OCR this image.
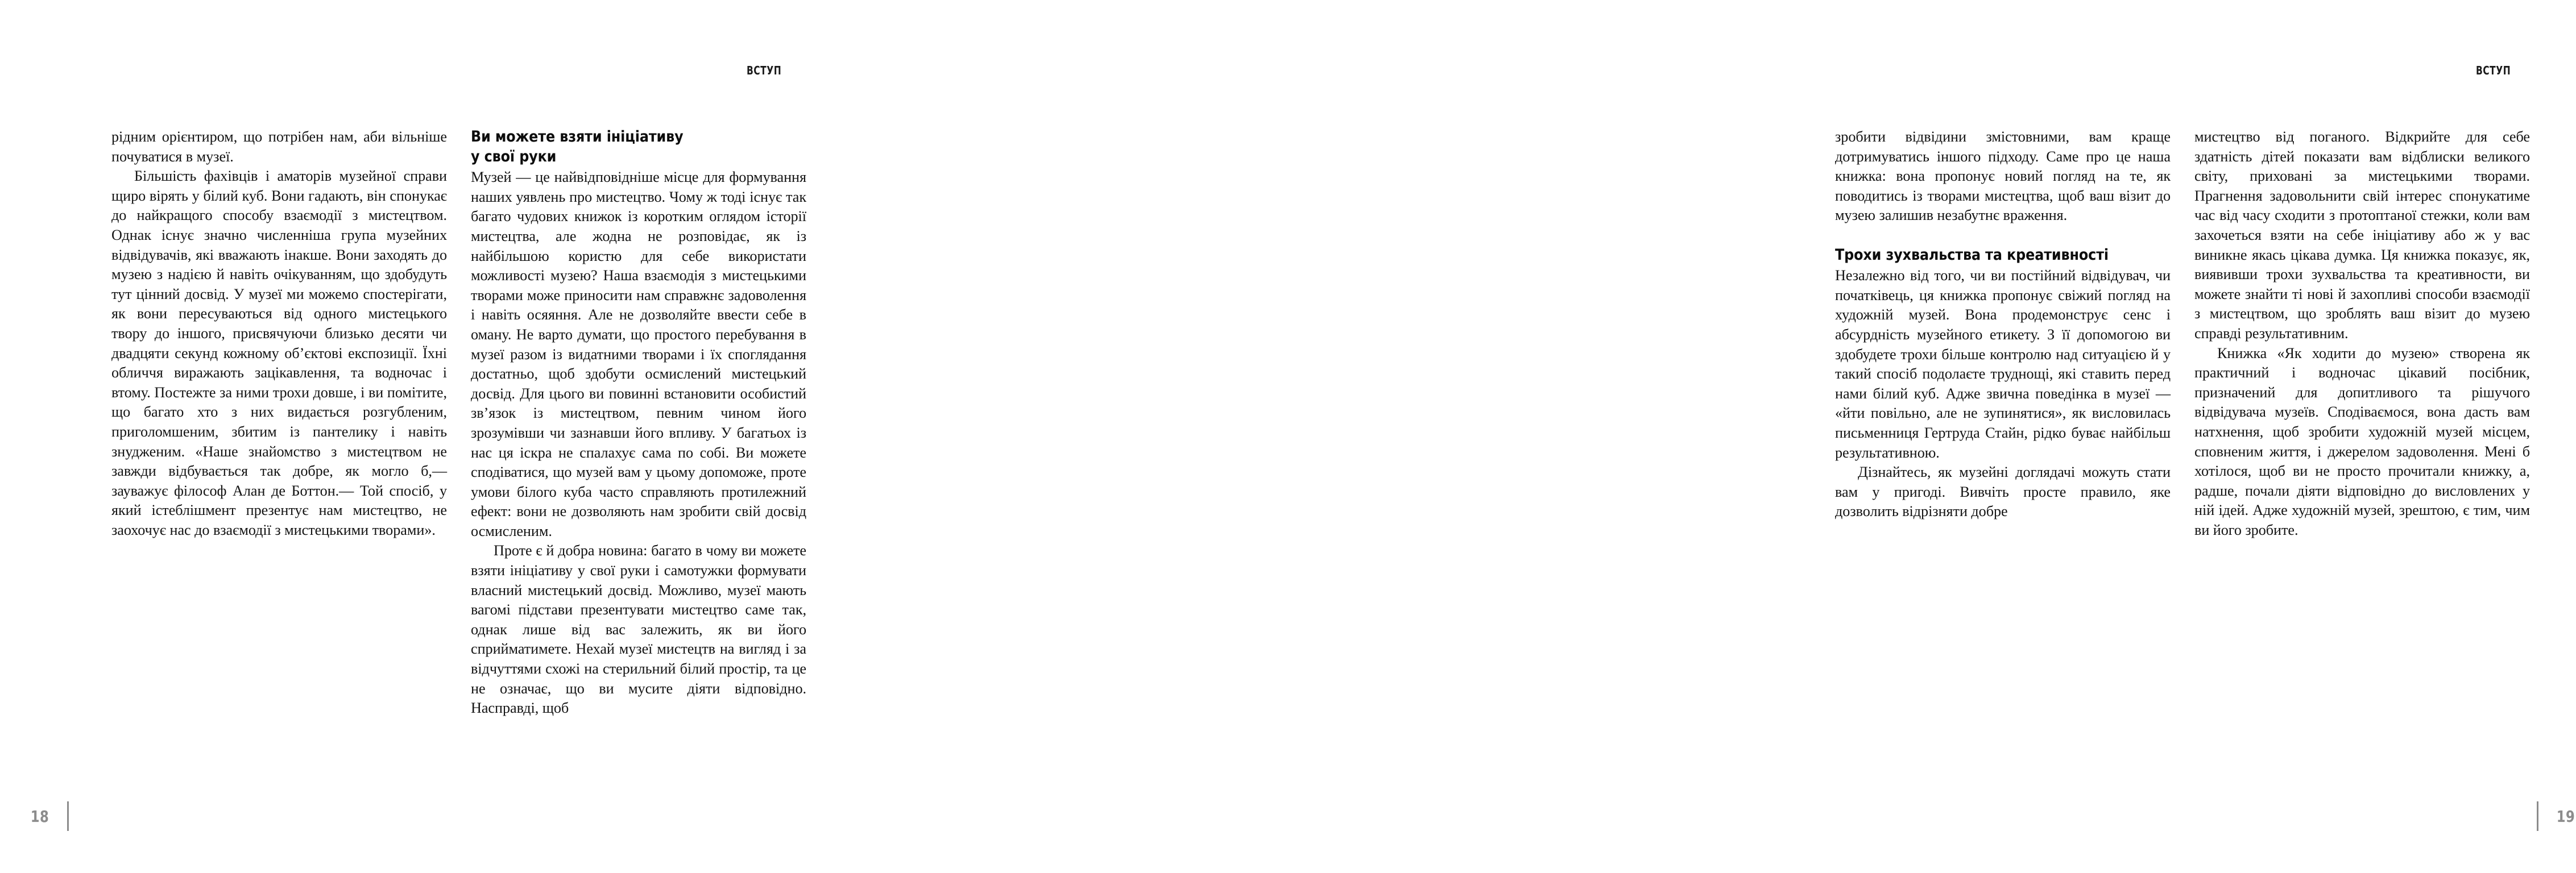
ВСТУП

рідним орієнтиром, що потрібен нам, аби вільніше почуватися в музеї.

Більшість фахівців і аматорів музейної справи щиро вірять у білий куб. Вони гадають, він спонукає до найкращого способу взаємодії з мистецтвом. Однак існує значно численніша група музейних відвідувачів, які вважають інакше. Вони заходять до музею з надією й навіть очікуванням, що здобудуть тут цінний досвід. У музеї ми можемо спостерігати, як вони пересуваються від одного мистецького твору до іншого, присвячуючи близько десяти чи двадцяти секунд кожному об’єктові експозиції. Їхні обличчя виражають зацікавлення, та водночас і втому. Постежте за ними трохи довше, і ви помітите, що багато хто з них видається розгубленим, приголомшеним, збитим із пантелику і навіть знудженим. «Наше знайомство з мистецтвом не завжди відбувається так добре, як могло б,— зауважує філософ Алан де Боттон.— Той спосіб, у який істеблішмент презентує нам мистецтво, не заохочує нас до взаємодії з мистецькими творами».

Ви можете взяти ініціативу
у свої руки

Музей — це найвідповідніше місце для формування наших уявлень про мистецтво. Чому ж тоді існує так багато чудових книжок із коротким оглядом історії мистецтва, але жодна не розповідає, як із найбільшою користю для себе використати можливості музею? Наша взаємодія з мистецькими творами може приносити нам справжнє задоволення і навіть осяяння. Але не дозволяйте ввести себе в оману. Не варто думати, що простого перебування в музеї разом із видатними творами і їх споглядання достатньо, щоб здобути осмислений мистецький досвід. Для цього ви повинні встановити особистий зв’язок із мистецтвом, певним чином його зрозумівши чи зазнавши його впливу. У багатьох із нас ця іскра не спалахує сама по собі. Ви можете сподіватися, що музей вам у цьому допоможе, проте умови білого куба часто справляють протилежний ефект: вони не дозволяють нам зробити свій досвід осмисленим.

Проте є й добра новина: багато в чому ви можете взяти ініціативу у свої руки і самотужки формувати власний мистецький досвід. Можливо, музеї мають вагомі підстави презентувати мистецтво саме так, однак лише від вас залежить, як ви його сприйматимете. Нехай музеї мистецтв на вигляд і за відчуттями схожі на стерильний білий простір, та це не означає, що ви мусите діяти відповідно. Насправді, щоб

18
ВСТУП

зробити відвідини змістовними, вам краще дотримуватись іншого підходу. Саме про це наша книжка: вона пропонує новий погляд на те, як поводитись із творами мистецтва, щоб ваш візит до музею залишив незабутнє враження.

Трохи зухвальства та креативності

Незалежно від того, чи ви постійний відвідувач, чи початківець, ця книжка пропонує свіжий погляд на художній музей. Вона продемонструє сенс і абсурдність музейного етикету. З її допомогою ви здобудете трохи більше контролю над ситуацією й у такий спосіб подолаєте труднощі, які ставить перед нами білий куб. Адже звична поведінка в музеї — «йти повільно, але не зупинятися», як висловилась письменниця Гертруда Стайн, рідко буває найбільш результативною.

Дізнайтесь, як музейні доглядачі можуть стати вам у пригоді. Вивчіть просте правило, яке дозволить відрізняти добре

мистецтво від поганого. Відкрийте для себе здатність дітей показати вам відблиски великого світу, приховані за мистецькими творами. Прагнення задовольнити свій інтерес спонукатиме час від часу сходити з протоптаної стежки, коли вам захочеться взяти на себе ініціативу або ж у вас виникне якась цікава думка. Ця книжка показує, як, виявивши трохи зухвальства та креативности, ви можете знайти ті нові й захопливі способи взаємодії з мистецтвом, що зроблять ваш візит до музею справді результативним.

Книжка «Як ходити до музею» створена як практичний і водночас цікавий посібник, призначений для допитливого та рішучого відвідувача музеїв. Сподіваємося, вона дасть вам натхнення, щоб зробити художній музей місцем, сповненим життя, і джерелом задоволення. Мені б хотілося, щоб ви не просто прочитали книжку, а, радше, почали діяти відповідно до висловлених у ній ідей. Адже художній музей, зрештою, є тим, чим ви його зробите.

19
